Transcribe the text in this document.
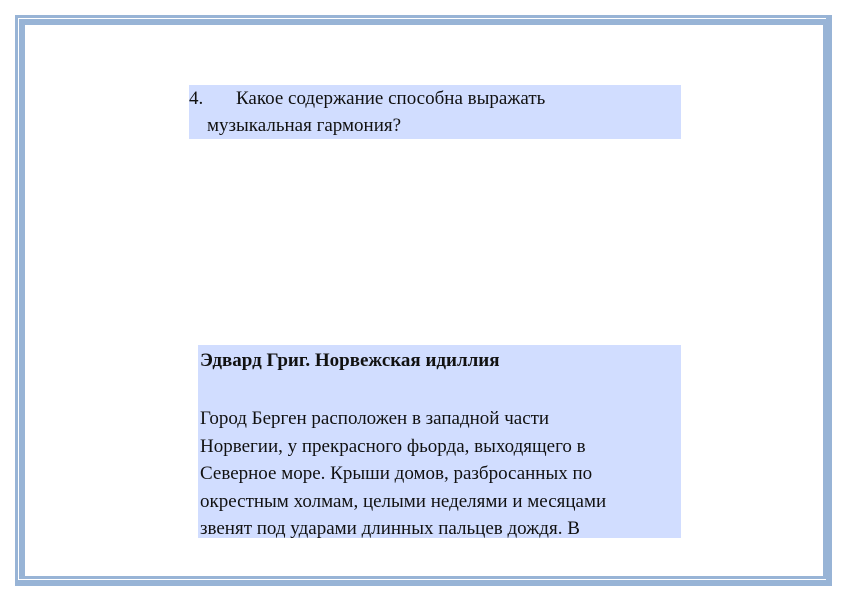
4. Какое содержание способна выражать
музыкальная гармония?
Эдвард Григ. Норвежская идиллия
Город Берген расположен в западной части
Норвегии, у прекрасного фьорда, выходящего в
Северное море. Крыши домов, разбросанных по
окрестным холмам, целыми неделями и месяцами
звенят под ударами длинных пальцев дождя. В
